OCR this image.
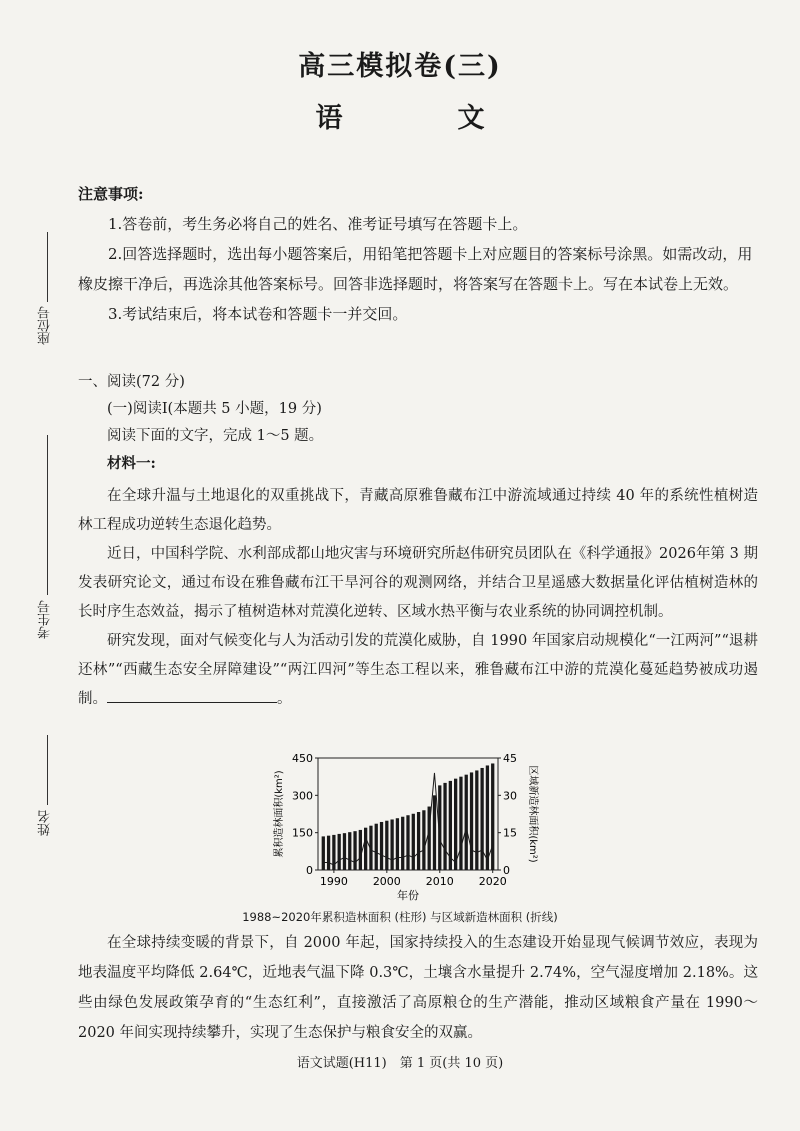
高三模拟卷(三)
语　文
座位号
考生号
姓名
注意事项:

1.答卷前，考生务必将自己的姓名、准考证号填写在答题卡上。

2.回答选择题时，选出每小题答案后，用铅笔把答题卡上对应题目的答案标号涂黑。如需改动，用橡皮擦干净后，再选涂其他答案标号。回答非选择题时，将答案写在答题卡上。写在本试卷上无效。

3.考试结束后，将本试卷和答题卡一并交回。

一、阅读(72 分)

(一)阅读Ⅰ(本题共 5 小题，19 分)

阅读下面的文字，完成 1～5 题。

材料一:

在全球升温与土地退化的双重挑战下，青藏高原雅鲁藏布江中游流域通过持续 40 年的系统性植树造林工程成功逆转生态退化趋势。

近日，中国科学院、水利部成都山地灾害与环境研究所赵伟研究员团队在《科学通报》2026年第 3 期发表研究论文，通过布设在雅鲁藏布江干旱河谷的观测网络，并结合卫星遥感大数据量化评估植树造林的长时序生态效益，揭示了植树造林对荒漠化逆转、区域水热平衡与农业系统的协同调控机制。

研究发现，面对气候变化与人为活动引发的荒漠化威胁，自 1990 年国家启动规模化“一江两河”“退耕还林”“西藏生态安全屏障建设”“两江四河”等生态工程以来，雅鲁藏布江中游的荒漠化蔓延趋势被成功遏制。	。

0
150
300
450
0
15
30
45
1990 2000 2010 2020
年份
累积造林面积(km²)	区域新造林面积(km²)
1988~2020年累积造林面积 (柱形) 与区域新造林面积 (折线)

在全球持续变暖的背景下，自 2000 年起，国家持续投入的生态建设开始显现气候调节效应，表现为地表温度平均降低 2.64℃，近地表气温下降 0.3℃，土壤含水量提升 2.74%，空气湿度增加 2.18%。这些由绿色发展政策孕育的“生态红利”，直接激活了高原粮仓的生产潜能，推动区域粮食产量在 1990～2020 年间实现持续攀升，实现了生态保护与粮食安全的双赢。

语文试题(H11)　第 1 页(共 10 页)
